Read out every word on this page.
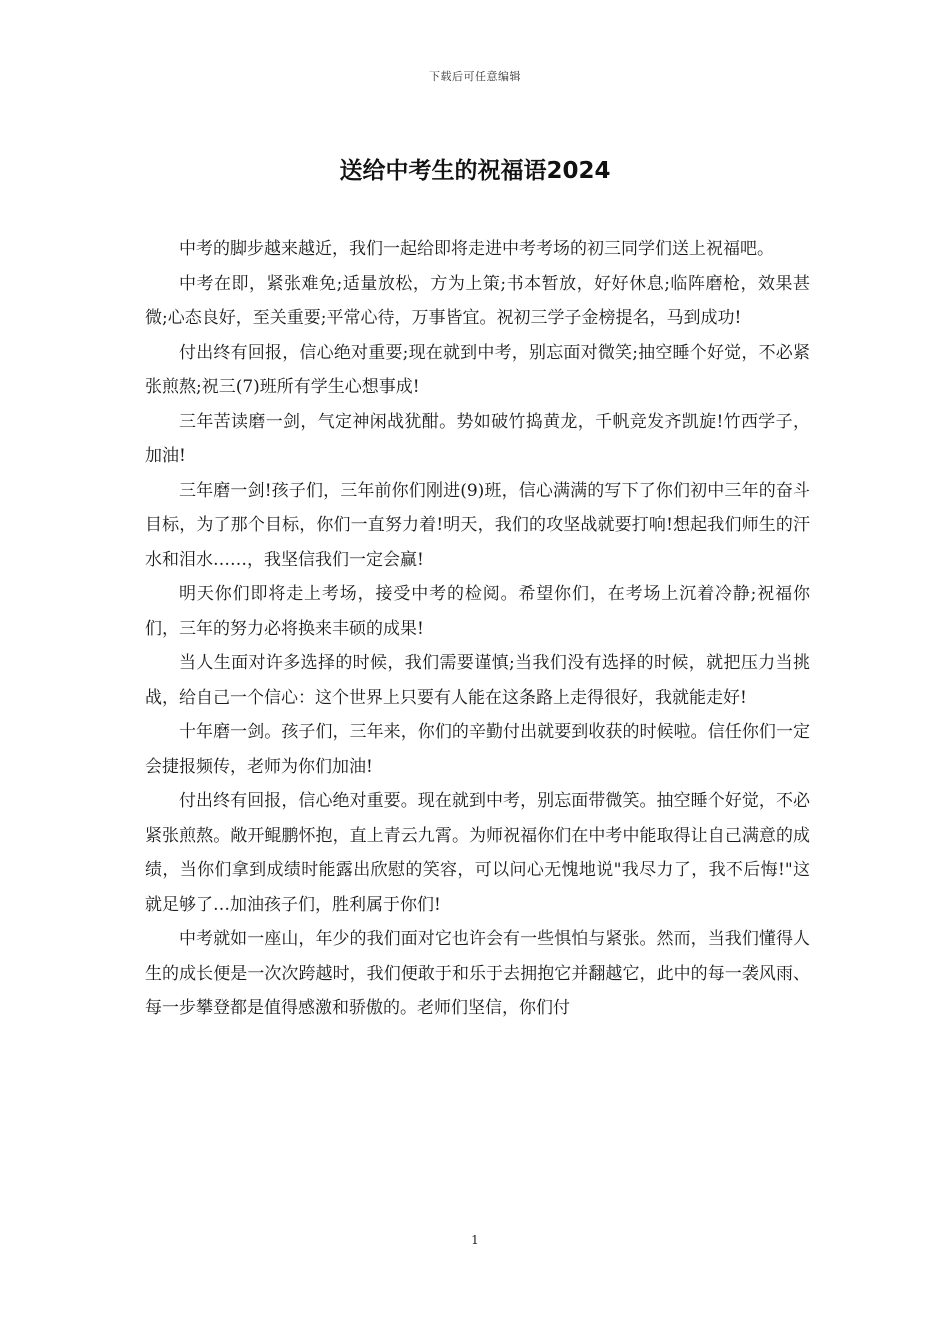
下载后可任意编辑
送给中考生的祝福语2024

中考的脚步越来越近，我们一起给即将走进中考考场的初三同学们送上祝福吧。

中考在即，紧张难免;适量放松，方为上策;书本暂放，好好休息;临阵磨枪，效果甚微;心态良好，至关重要;平常心待，万事皆宜。祝初三学子金榜提名，马到成功!

付出终有回报，信心绝对重要;现在就到中考，别忘面对微笑;抽空睡个好觉，不必紧张煎熬;祝三(7)班所有学生心想事成!

三年苦读磨一剑，气定神闲战犹酣。势如破竹捣黄龙，千帆竞发齐凯旋!竹西学子，加油!

三年磨一剑!孩子们，三年前你们刚进(9)班，信心满满的写下了你们初中三年的奋斗目标，为了那个目标，你们一直努力着!明天，我们的攻坚战就要打响!想起我们师生的汗水和泪水……，我坚信我们一定会赢!

明天你们即将走上考场，接受中考的检阅。希望你们，在考场上沉着冷静;祝福你们，三年的努力必将换来丰硕的成果!

当人生面对许多选择的时候，我们需要谨慎;当我们没有选择的时候，就把压力当挑战，给自己一个信心：这个世界上只要有人能在这条路上走得很好，我就能走好!

十年磨一剑。孩子们，三年来，你们的辛勤付出就要到收获的时候啦。信任你们一定会捷报频传，老师为你们加油!

付出终有回报，信心绝对重要。现在就到中考，别忘面带微笑。抽空睡个好觉，不必紧张煎熬。敞开鲲鹏怀抱，直上青云九霄。为师祝福你们在中考中能取得让自己满意的成绩，当你们拿到成绩时能露出欣慰的笑容，可以问心无愧地说"我尽力了，我不后悔!"这就足够了…加油孩子们，胜利属于你们!

中考就如一座山，年少的我们面对它也许会有一些惧怕与紧张。然而，当我们懂得人生的成长便是一次次跨越时，我们便敢于和乐于去拥抱它并翻越它，此中的每一袭风雨、每一步攀登都是值得感激和骄傲的。老师们坚信，你们付

1
